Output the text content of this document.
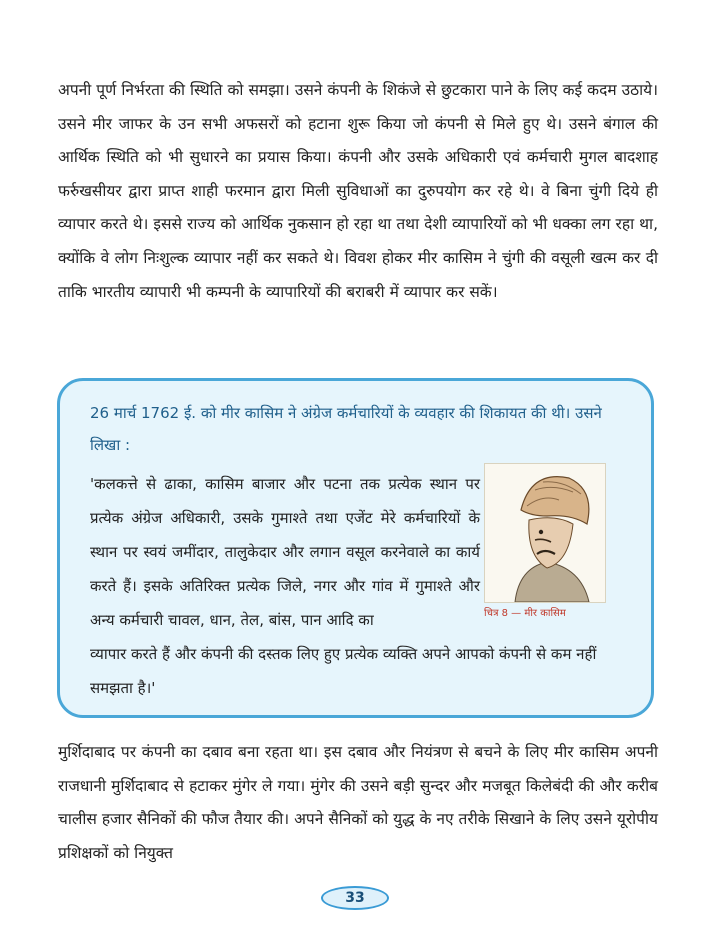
अपनी पूर्ण निर्भरता की स्थिति को समझा। उसने कंपनी के शिकंजे से छुटकारा पाने के लिए कई कदम उठाये। उसने मीर जाफर के उन सभी अफसरों को हटाना शुरू किया जो कंपनी से मिले हुए थे। उसने बंगाल की आर्थिक स्थिति को भी सुधारने का प्रयास किया। कंपनी और उसके अधिकारी एवं कर्मचारी मुगल बादशाह फर्रुखसीयर द्वारा प्राप्त शाही फरमान द्वारा मिली सुविधाओं का दुरुपयोग कर रहे थे। वे बिना चुंगी दिये ही व्यापार करते थे। इससे राज्य को आर्थिक नुकसान हो रहा था तथा देशी व्यापारियों को भी धक्का लग रहा था, क्योंकि वे लोग निःशुल्क व्यापार नहीं कर सकते थे। विवश होकर मीर कासिम ने चुंगी की वसूली खत्म कर दी ताकि भारतीय व्यापारी भी कम्पनी के व्यापारियों की बराबरी में व्यापार कर सकें।

26 मार्च 1762 ई. को मीर कासिम ने अंग्रेज कर्मचारियों के व्यवहार की शिकायत की थी। उसने लिखा :

'कलकत्ते से ढाका, कासिम बाजार और पटना तक प्रत्येक स्थान पर प्रत्येक अंग्रेज अधिकारी, उसके गुमाश्ते तथा एजेंट मेरे कर्मचारियों के स्थान पर स्वयं जमींदार, तालुकेदार और लगान वसूल करनेवाले का कार्य करते हैं। इसके अतिरिक्त प्रत्येक जिले, नगर और गांव में गुमाश्ते और अन्य कर्मचारी चावल, धान, तेल, बांस, पान आदि का	चित्र 8 — मीर कासिम

व्यापार करते हैं और कंपनी की दस्तक लिए हुए प्रत्येक व्यक्ति अपने आपको कंपनी से कम नहीं समझता है।'

मुर्शिदाबाद पर कंपनी का दबाव बना रहता था। इस दबाव और नियंत्रण से बचने के लिए मीर कासिम अपनी राजधानी मुर्शिदाबाद से हटाकर मुंगेर ले गया। मुंगेर की उसने बड़ी सुन्दर और मजबूत किलेबंदी की और करीब चालीस हजार सैनिकों की फौज तैयार की। अपने सैनिकों को युद्ध के नए तरीके सिखाने के लिए उसने यूरोपीय प्रशिक्षकों को नियुक्त

33
